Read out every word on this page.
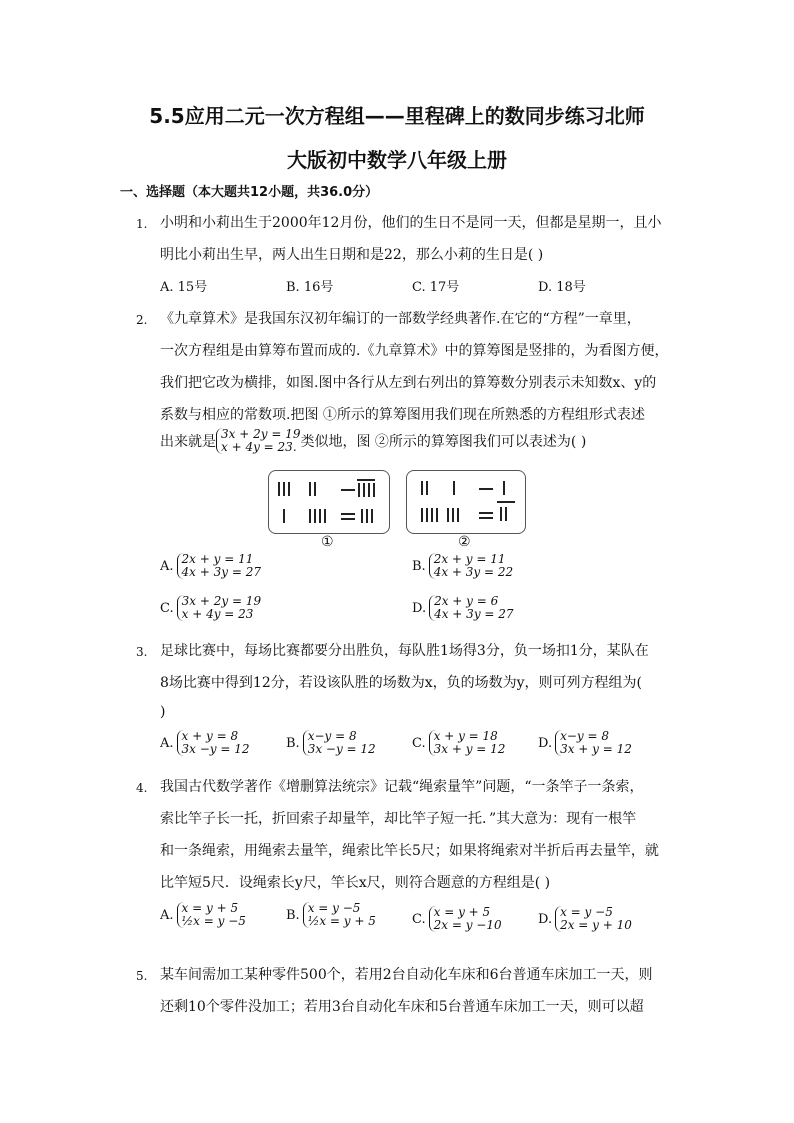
5.5应用二元一次方程组——里程碑上的数同步练习北师
大版初中数学八年级上册
一、选择题（本大题共12小题，共36.0分）
1. 小明和小莉出生于2000年12月份，他们的生日不是同一天，但都是星期一，且小
明比小莉出生早，两人出生日期和是22，那么小莉的生日是( )
A. 15号	B. 16号	C. 17号	D. 18号
2. 《九章算术》是我国东汉初年编订的一部数学经典著作.在它的“方程”一章里，
一次方程组是由算筹布置而成的.《九章算术》中的算筹图是竖排的，为看图方便，
我们把它改为横排，如图.图中各行从左到右列出的算筹数分别表示未知数x、y的
系数与相应的常数项.把图 ①所示的算筹图用我们现在所熟悉的方程组形式表述
出来就是 3x + 2y = 19
x + 4y = 23. 类似地，图 ②所示的算筹图我们可以表述为( )
①	②
A. 2x + y = 11
4x + 3y = 27	B. 2x + y = 11
4x + 3y = 22
C. 3x + 2y = 19
x + 4y = 23	D. 2x + y = 6
4x + 3y = 27
3. 足球比赛中，每场比赛都要分出胜负，每队胜1场得3分，负一场扣1分，某队在
8场比赛中得到12分，若设该队胜的场数为x，负的场数为y，则可列方程组为(
)
A. x + y = 8
3x −y = 12	B. x−y = 8
3x −y = 12	C. x + y = 18
3x + y = 12	D. x−y = 8
3x + y = 12
4. 我国古代数学著作《增删算法统宗》记载“绳索量竿”问题，“一条竿子一条索，
索比竿子长一托，折回索子却量竿，却比竿子短一托．”其大意为：现有一根竿
和一条绳索，用绳索去量竿，绳索比竿长5尺；如果将绳索对半折后再去量竿，就
比竿短5尺．设绳索长y尺，竿长x尺，则符合题意的方程组是( )
A. x = y + 5
½x = y −5	B. x = y −5
½x = y + 5	C. x = y + 5
2x = y −10	D. x = y −5
2x = y + 10
5. 某车间需加工某种零件500个，若用2台自动化车床和6台普通车床加工一天，则
还剩10个零件没加工；若用3台自动化车床和5台普通车床加工一天，则可以超
